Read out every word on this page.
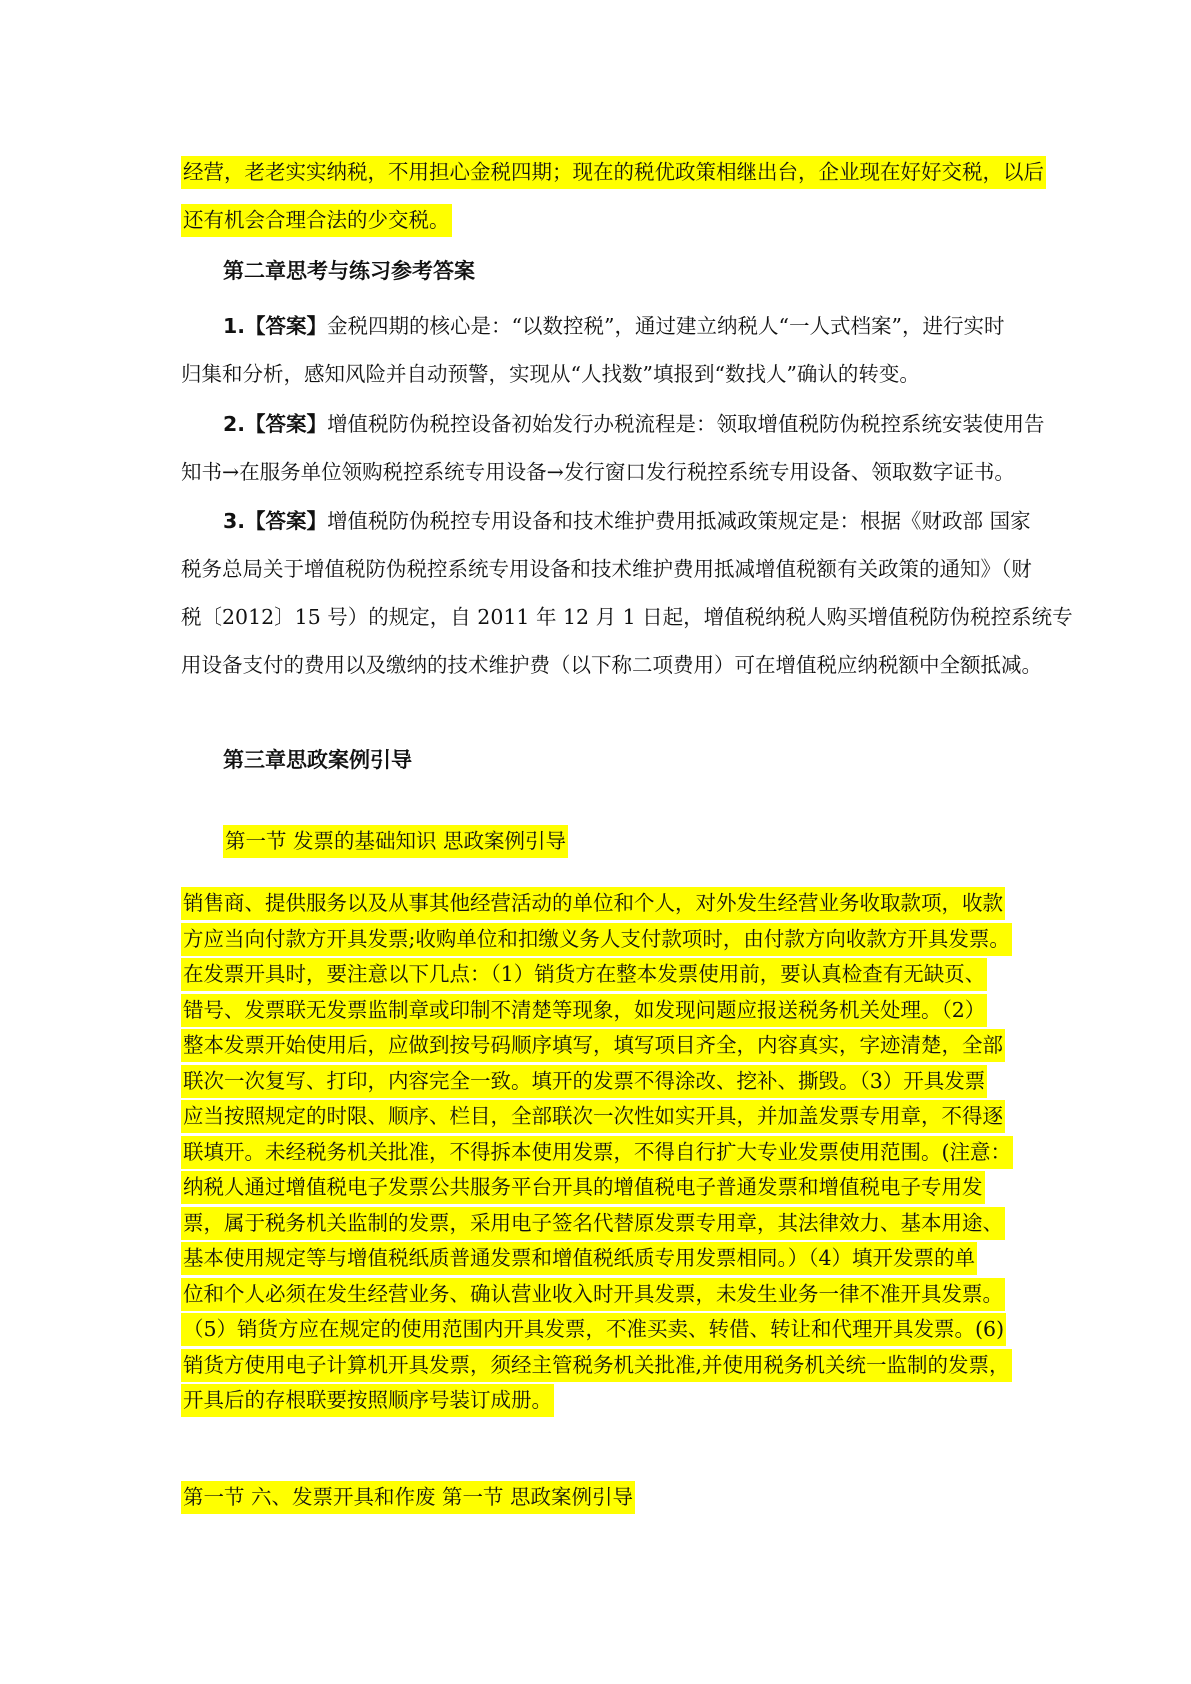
经营，老老实实纳税，不用担心金税四期；现在的税优政策相继出台，企业现在好好交税，以后
还有机会合理合法的少交税。
第二章思考与练习参考答案
1.【答案】金税四期的核心是：“以数控税”，通过建立纳税人“一人式档案”，进行实时
归集和分析，感知风险并自动预警，实现从“人找数”填报到“数找人”确认的转变。
2.【答案】增值税防伪税控设备初始发行办税流程是：领取增值税防伪税控系统安装使用告
知书→在服务单位领购税控系统专用设备→发行窗口发行税控系统专用设备、领取数字证书。
3.【答案】增值税防伪税控专用设备和技术维护费用抵减政策规定是：根据《财政部 国家
税务总局关于增值税防伪税控系统专用设备和技术维护费用抵减增值税额有关政策的通知》（财
税〔2012〕15 号）的规定，自 2011 年 12 月 1 日起，增值税纳税人购买增值税防伪税控系统专
用设备支付的费用以及缴纳的技术维护费（以下称二项费用）可在增值税应纳税额中全额抵减。
第三章思政案例引导
第一节 发票的基础知识 思政案例引导
销售商、提供服务以及从事其他经营活动的单位和个人，对外发生经营业务收取款项，收款
方应当向付款方开具发票;收购单位和扣缴义务人支付款项时，由付款方向收款方开具发票。
在发票开具时，要注意以下几点：（1）销货方在整本发票使用前，要认真检查有无缺页、
错号、发票联无发票监制章或印制不清楚等现象，如发现问题应报送税务机关处理。（2）
整本发票开始使用后，应做到按号码顺序填写，填写项目齐全，内容真实，字迹清楚，全部
联次一次复写、打印，内容完全一致。填开的发票不得涂改、挖补、撕毁。（3）开具发票
应当按照规定的时限、顺序、栏目，全部联次一次性如实开具，并加盖发票专用章，不得逐
联填开。未经税务机关批准，不得拆本使用发票，不得自行扩大专业发票使用范围。(注意：
纳税人通过增值税电子发票公共服务平台开具的增值税电子普通发票和增值税电子专用发
票，属于税务机关监制的发票，采用电子签名代替原发票专用章，其法律效力、基本用途、
基本使用规定等与增值税纸质普通发票和增值税纸质专用发票相同。）（4）填开发票的单
位和个人必须在发生经营业务、确认营业收入时开具发票，未发生业务一律不准开具发票。
（5）销货方应在规定的使用范围内开具发票，不准买卖、转借、转让和代理开具发票。(6)
销货方使用电子计算机开具发票，须经主管税务机关批准,并使用税务机关统一监制的发票，
开具后的存根联要按照顺序号装订成册。
第一节 六、发票开具和作废 第一节 思政案例引导
